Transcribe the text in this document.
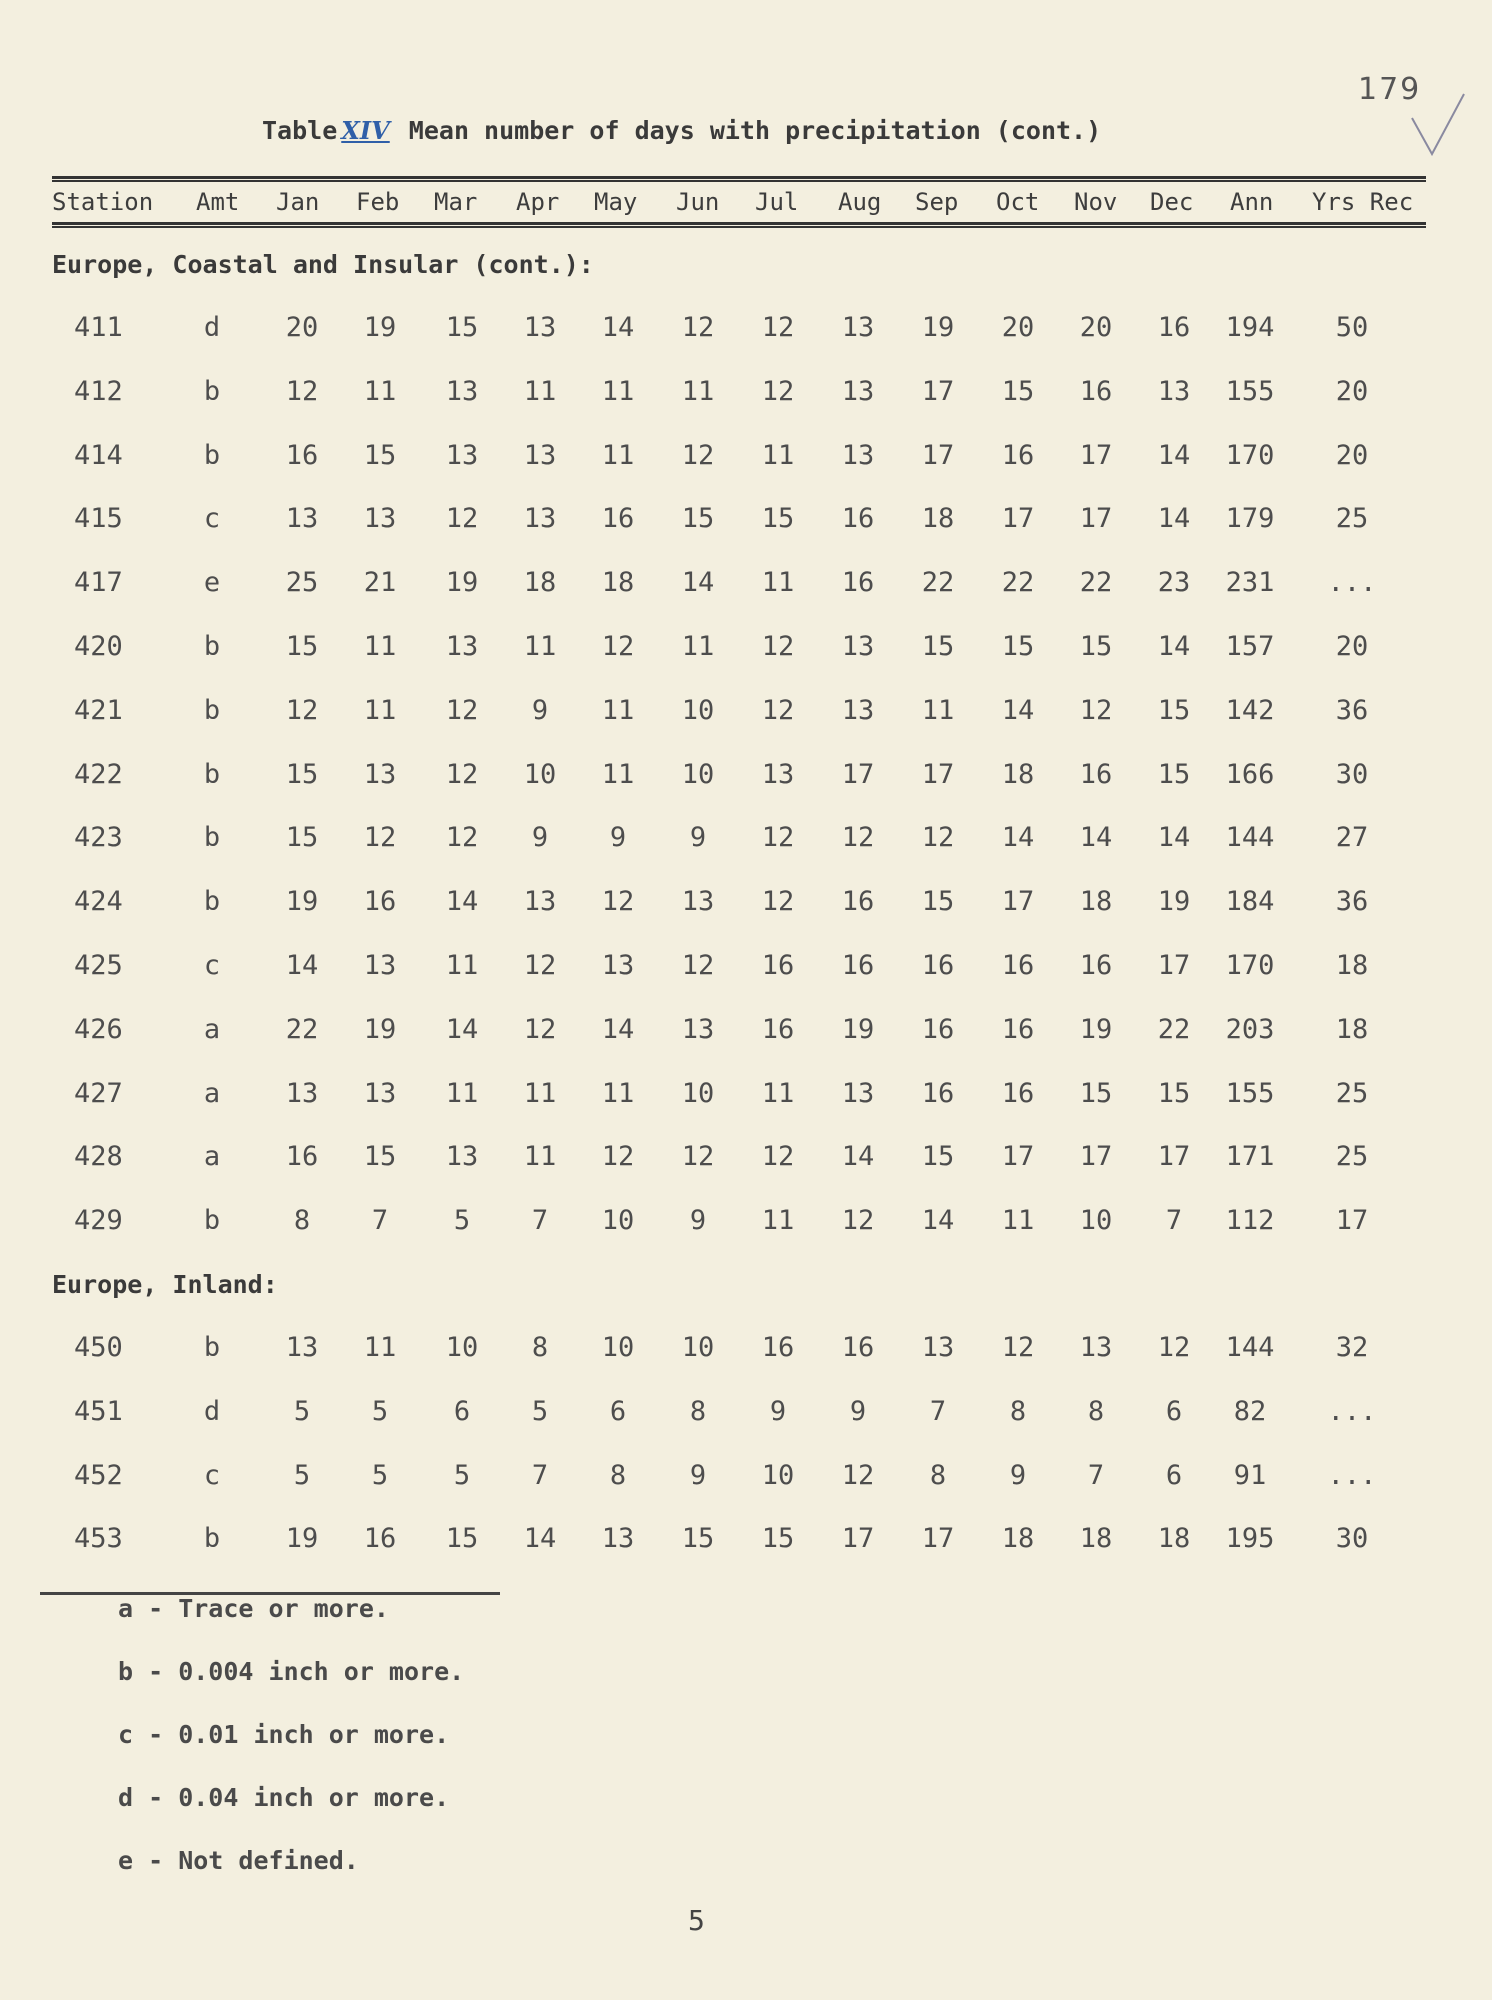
179
Table XIV Mean number of days with precipitation (cont.)
Station Amt Jan Feb Mar Apr May Jun Jul Aug Sep Oct Nov Dec Ann Yrs Rec
Europe, Coastal and Insular (cont.):
411	d	20	19	15	13	14	12	12	13	19	20	20	16	194	50
412	b	12	11	13	11	11	11	12	13	17	15	16	13	155	20
414	b	16	15	13	13	11	12	11	13	17	16	17	14	170	20
415	c	13	13	12	13	16	15	15	16	18	17	17	14	179	25
417	e	25	21	19	18	18	14	11	16	22	22	22	23	231	...
420	b	15	11	13	11	12	11	12	13	15	15	15	14	157	20
421	b	12	11	12	9	11	10	12	13	11	14	12	15	142	36
422	b	15	13	12	10	11	10	13	17	17	18	16	15	166	30
423	b	15	12	12	9	9	9	12	12	12	14	14	14	144	27
424	b	19	16	14	13	12	13	12	16	15	17	18	19	184	36
425	c	14	13	11	12	13	12	16	16	16	16	16	17	170	18
426	a	22	19	14	12	14	13	16	19	16	16	19	22	203	18
427	a	13	13	11	11	11	10	11	13	16	16	15	15	155	25
428	a	16	15	13	11	12	12	12	14	15	17	17	17	171	25
429	b	8	7	5	7	10	9	11	12	14	11	10	7	112	17
Europe, Inland:
450	b	13	11	10	8	10	10	16	16	13	12	13	12	144	32
451	d	5	5	6	5	6	8	9	9	7	8	8	6	82	...
452	c	5	5	5	7	8	9	10	12	8	9	7	6	91	...
453	b	19	16	15	14	13	15	15	17	17	18	18	18	195	30
a - Trace or more.
b - 0.004 inch or more.
c - 0.01 inch or more.
d - 0.04 inch or more.
e - Not defined.
5
